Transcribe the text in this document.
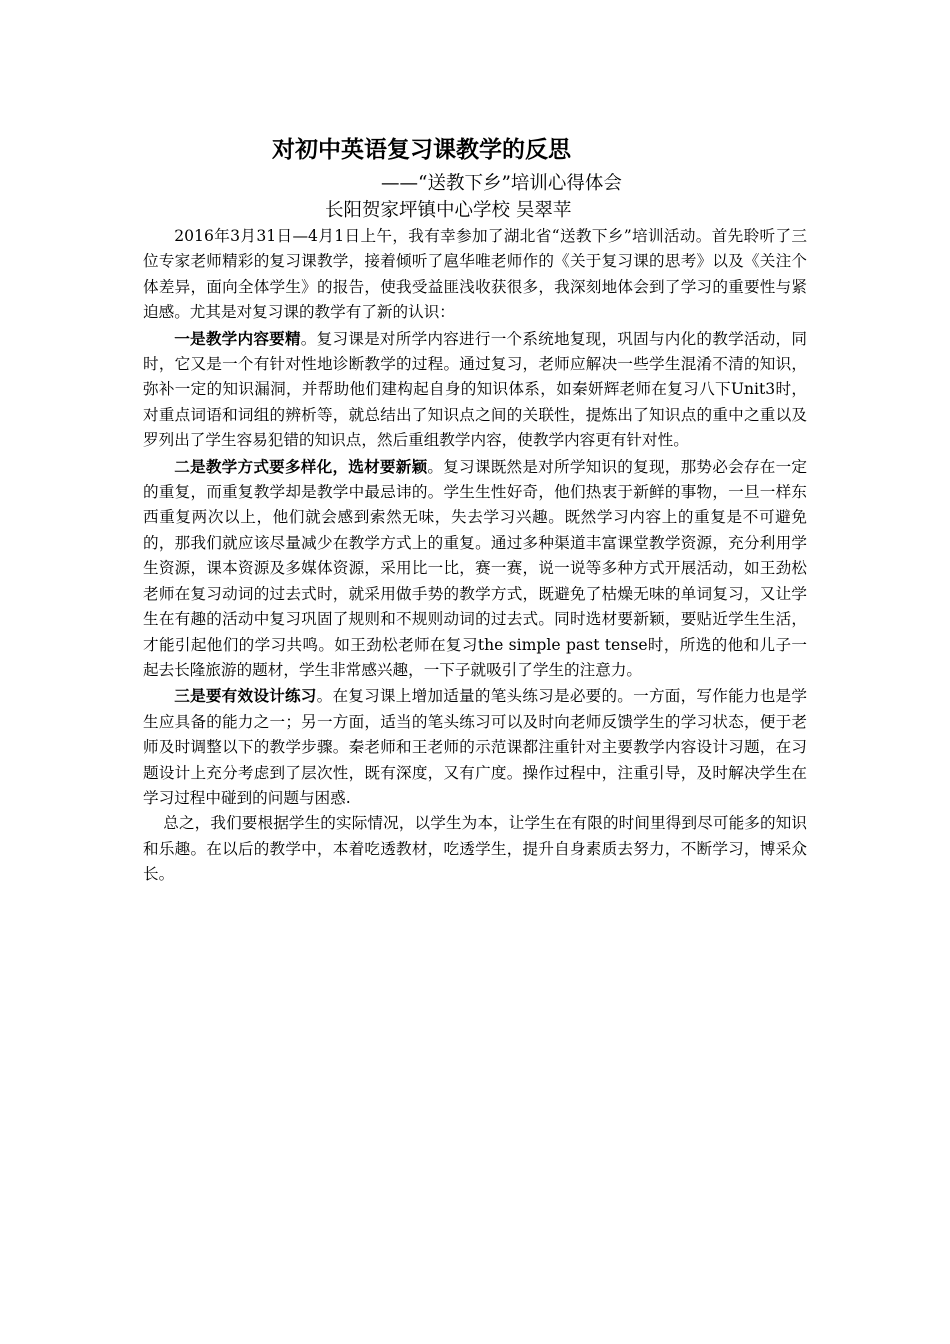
对初中英语复习课教学的反思

——“送教下乡”培训心得体会

长阳贺家坪镇中心学校 吴翠苹

2016年3月31日—4月1日上午，我有幸参加了湖北省“送教下乡”培训活动。首先聆听了三位专家老师精彩的复习课教学，接着倾听了扈华唯老师作的《关于复习课的思考》以及《关注个体差异，面向全体学生》的报告，使我受益匪浅收获很多，我深刻地体会到了学习的重要性与紧迫感。尤其是对复习课的教学有了新的认识：

一是教学内容要精。复习课是对所学内容进行一个系统地复现，巩固与内化的教学活动，同时，它又是一个有针对性地诊断教学的过程。通过复习，老师应解决一些学生混淆不清的知识，弥补一定的知识漏洞，并帮助他们建构起自身的知识体系，如秦妍辉老师在复习八下Unit3时，对重点词语和词组的辨析等，就总结出了知识点之间的关联性，提炼出了知识点的重中之重以及罗列出了学生容易犯错的知识点，然后重组教学内容，使教学内容更有针对性。

二是教学方式要多样化，选材要新颖。复习课既然是对所学知识的复现，那势必会存在一定的重复，而重复教学却是教学中最忌讳的。学生生性好奇，他们热衷于新鲜的事物，一旦一样东西重复两次以上，他们就会感到索然无味，失去学习兴趣。既然学习内容上的重复是不可避免的，那我们就应该尽量减少在教学方式上的重复。通过多种渠道丰富课堂教学资源，充分利用学生资源，课本资源及多媒体资源，采用比一比，赛一赛，说一说等多种方式开展活动，如王劲松老师在复习动词的过去式时，就采用做手势的教学方式，既避免了枯燥无味的单词复习，又让学生在有趣的活动中复习巩固了规则和不规则动词的过去式。同时选材要新颖，要贴近学生生活，才能引起他们的学习共鸣。如王劲松老师在复习the simple past tense时，所选的他和儿子一起去长隆旅游的题材，学生非常感兴趣，一下子就吸引了学生的注意力。

三是要有效设计练习。在复习课上增加适量的笔头练习是必要的。一方面，写作能力也是学生应具备的能力之一；另一方面，适当的笔头练习可以及时向老师反馈学生的学习状态，便于老师及时调整以下的教学步骤。秦老师和王老师的示范课都注重针对主要教学内容设计习题，在习题设计上充分考虑到了层次性，既有深度，又有广度。操作过程中，注重引导，及时解决学生在学习过程中碰到的问题与困惑.

总之，我们要根据学生的实际情况，以学生为本，让学生在有限的时间里得到尽可能多的知识和乐趣。在以后的教学中，本着吃透教材，吃透学生，提升自身素质去努力，不断学习，博采众长。
